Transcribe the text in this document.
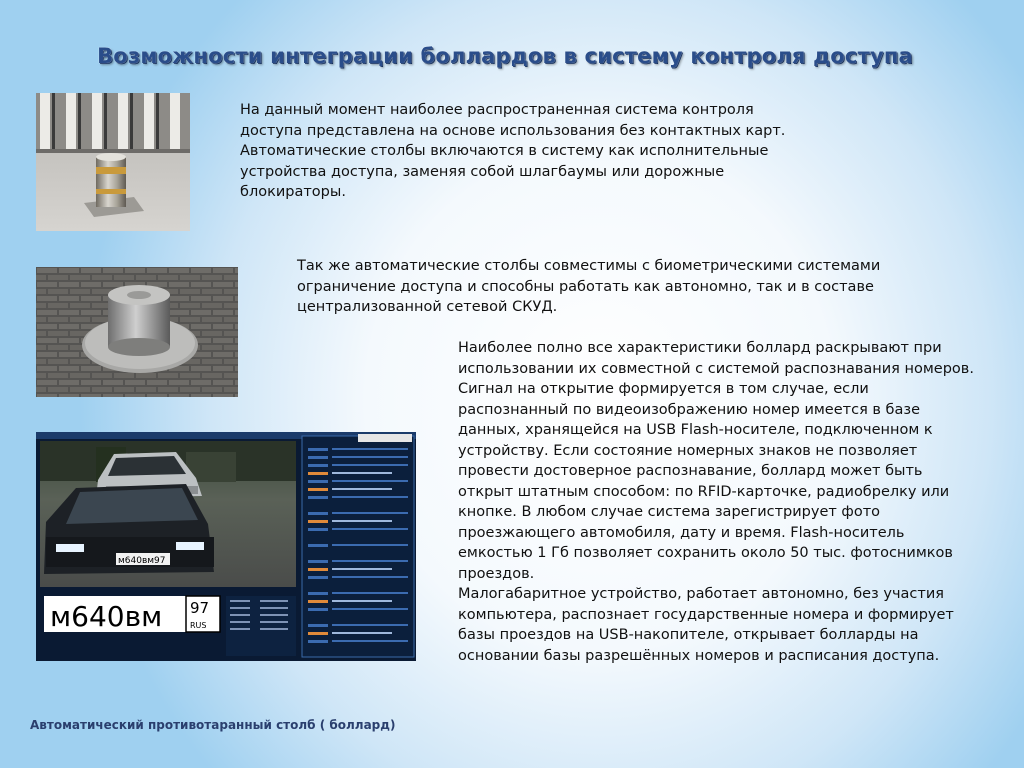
Возможности интеграции боллардов в систему контроля доступа
На данный момент наиболее распространенная система контроля доступа представлена на основе использования без контактных карт. Автоматические столбы включаются в систему как исполнительные устройства доступа, заменяя собой шлагбаумы или дорожные блокираторы.
Так же автоматические столбы совместимы с биометрическими системами ограничение доступа и способны работать как автономно, так и в составе централизованной сетевой СКУД.
м640вм97
м640вм 97
RUS
Наиболее полно все характеристики боллард раскрывают при использовании их совместной с системой распознавания номеров. Сигнал на открытие формируется в том случае, если распознанный по видеоизображению номер имеется в базе данных, хранящейся на USB Flash-носителе, подключенном к устройству. Если состояние номерных знаков не позволяет провести достоверное распознавание, боллард может быть открыт штатным способом: по RFID-карточке, радиобрелку или кнопке. В любом случае система зарегистрирует фото проезжающего автомобиля, дату и время. Flash-носитель емкостью 1 Гб позволяет сохранить около 50 тыс. фотоснимков проездов.
Малогабаритное устройство, работает автономно, без участия компьютера, распознает государственные номера и формирует базы проездов на USB-накопителе, открывает болларды на основании базы разрешённых номеров и расписания доступа.
Автоматический противотаранный столб ( боллард)
